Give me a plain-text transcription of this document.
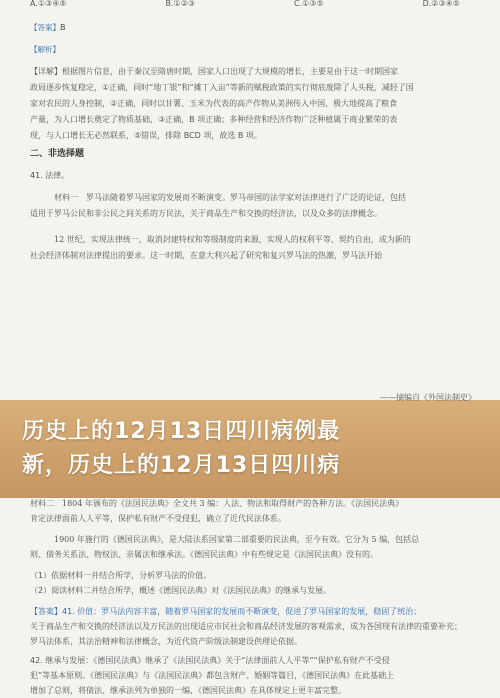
A.①③④⑤	B.①②③	C.①③⑤	D.②③④⑤
【答案】B
【解析】
【详解】根据图片信息，由于秦汉至隋唐时期，国家人口出现了大规模的增长，主要是由于这一时期国家
政局逐步恢复稳定，①正确，同时“地丁银”和“摊丁入亩”等新的赋税政策的实行彻底废除了人头税，减轻了国
家对农民的人身控制，②正确，同时以甘薯、玉米为代表的高产作物从美洲传入中国，极大地提高了粮食
产量，为人口增长奠定了物质基础，③正确，B 项正确；多种经营和经济作物广泛种植属于商业繁荣的表
现，与人口增长无必然联系，⑤错误，排除 BCD 项，故选 B 项。
二、非选择题
41. 法律。
材料一　罗马法随着罗马国家的发展而不断演变。罗马帝国的法学家对法律进行了广泛的论证，包括
适用于罗马公民和非公民之间关系的万民法，关于商品生产和交换的经济法，以及众多的法律概念。
12 世纪，实现法律统一，取消封建特权和等级制度的来源，实现人的权利平等、契约自由，成为新的
社会经济体制对法律提出的要求。这一时期，在意大利兴起了研究和复兴罗马法的热潮，罗马法开始
历史上的12月13日四川病例最
新，历史上的12月13日四川病
——摘编自《外国法制史》
材料二　1804 年颁布的《法国民法典》全文共 3 编：人法、物法和取得财产的各种方法。《法国民法典》
肯定法律面前人人平等，保护私有财产不受侵犯，确立了近代民法体系。
1900 年施行的《德国民法典》，是大陆法系国家第二部重要的民法典，至今有效。它分为 5 编，包括总
则、债务关系法、物权法、亲属法和继承法。《德国民法典》中有些规定是《法国民法典》没有的。
（1）依据材料一并结合所学，分析罗马法的价值。
（2）阅读材料二并结合所学，概述《德国民法典》对《法国民法典》的继承与发展。
【答案】41. 价值：罗马法内容丰富，随着罗马国家的发展而不断演变，促进了罗马国家的发展，稳固了统治；
关于商品生产和交换的经济法以及万民法的出现适应市民社会和商品经济发展的客观需求，成为各国现有法律的重要补充；
罗马法体系，其法治精神和法律概念，为近代资产阶级法制建设供理论依据。
42. 继承与发展：《德国民法典》继承了《法国民法典》关于“法律面前人人平等”“保护私有财产不受侵
犯”等基本原则。《德国民法典》与《法国民法典》都包含财产、婚姻等篇目，《德国民法典》在此基础上
增加了总则，将债法、继承法列为单独的一编，《德国民法典》在具体规定上更丰富完整。
